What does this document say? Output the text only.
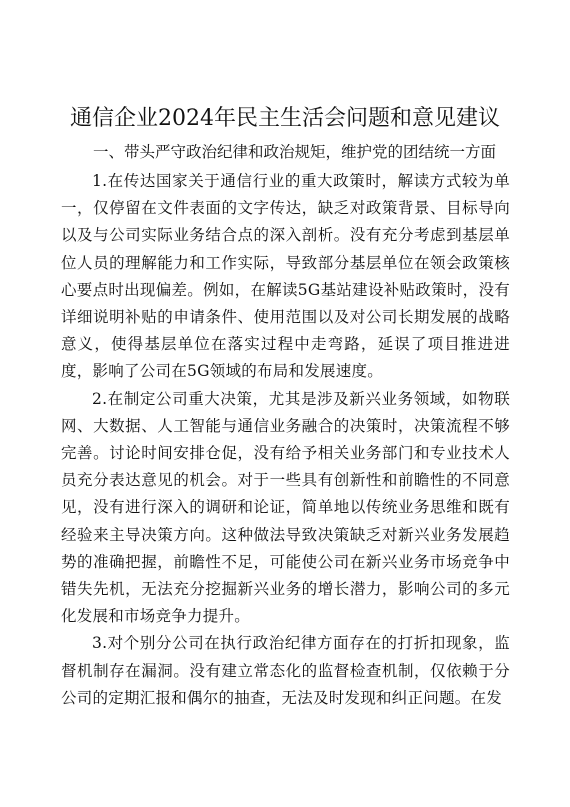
通信企业2024年民主生活会问题和意见建议
一、带头严守政治纪律和政治规矩，维护党的团结统一方面

1.在传达国家关于通信行业的重大政策时，解读方式较为单一，仅停留在文件表面的文字传达，缺乏对政策背景、目标导向以及与公司实际业务结合点的深入剖析。没有充分考虑到基层单位人员的理解能力和工作实际，导致部分基层单位在领会政策核心要点时出现偏差。例如，在解读5G基站建设补贴政策时，没有详细说明补贴的申请条件、使用范围以及对公司长期发展的战略意义，使得基层单位在落实过程中走弯路，延误了项目推进进度，影响了公司在5G领域的布局和发展速度。

2.在制定公司重大决策，尤其是涉及新兴业务领域，如物联网、大数据、人工智能与通信业务融合的决策时，决策流程不够完善。讨论时间安排仓促，没有给予相关业务部门和专业技术人员充分表达意见的机会。对于一些具有创新性和前瞻性的不同意见，没有进行深入的调研和论证，简单地以传统业务思维和既有经验来主导决策方向。这种做法导致决策缺乏对新兴业务发展趋势的准确把握，前瞻性不足，可能使公司在新兴业务市场竞争中错失先机，无法充分挖掘新兴业务的增长潜力，影响公司的多元化发展和市场竞争力提升。

3.对个别分公司在执行政治纪律方面存在的打折扣现象，监督机制存在漏洞。没有建立常态化的监督检查机制，仅依赖于分公司的定期汇报和偶尔的抽查，无法及时发现和纠正问题。在发
